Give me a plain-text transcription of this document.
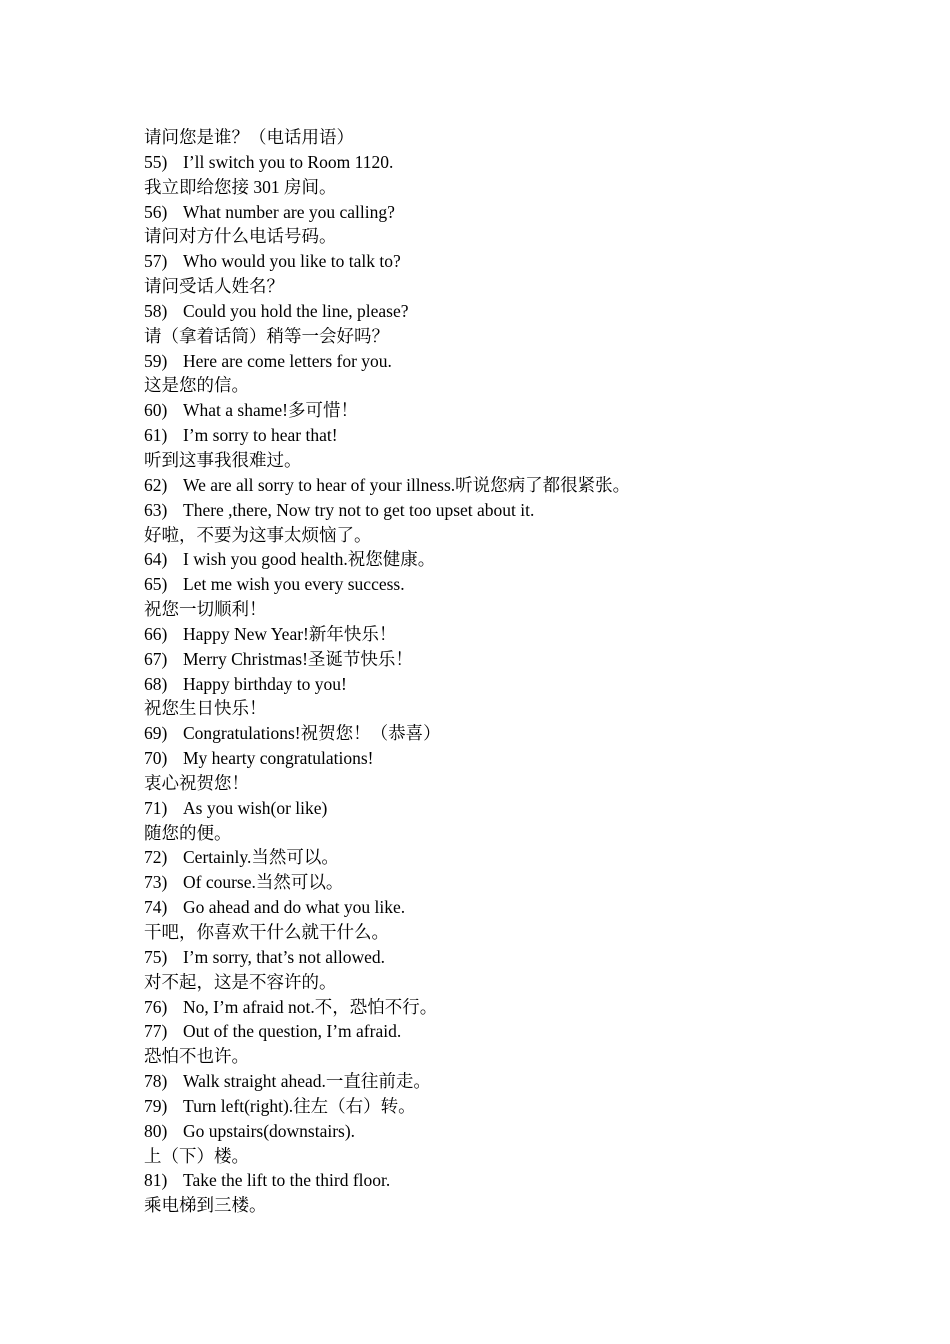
请问您是谁？（电话用语）
55) I’ll switch you to Room 1120.
我立即给您接 301 房间。
56) What number are you calling?
请问对方什么电话号码。
57) Who would you like to talk to?
请问受话人姓名？
58) Could you hold the line, please?
请（拿着话筒）稍等一会好吗？
59) Here are come letters for you.
这是您的信。
60) What a shame!多可惜！
61) I’m sorry to hear that!
听到这事我很难过。
62) We are all sorry to hear of your illness.听说您病了都很紧张。
63) There ,there, Now try not to get too upset about it.
好啦，不要为这事太烦恼了。
64) I wish you good health.祝您健康。
65) Let me wish you every success.
祝您一切顺利！
66) Happy New Year!新年快乐！
67) Merry Christmas!圣诞节快乐！
68) Happy birthday to you!
祝您生日快乐！
69) Congratulations!祝贺您！（恭喜）
70) My hearty congratulations!
衷心祝贺您！
71) As you wish(or like)
随您的便。
72) Certainly.当然可以。
73) Of course.当然可以。
74) Go ahead and do what you like.
干吧，你喜欢干什么就干什么。
75) I’m sorry, that’s not allowed.
对不起，这是不容许的。
76) No, I’m afraid not.不，恐怕不行。
77) Out of the question, I’m afraid.
恐怕不也许。
78) Walk straight ahead.一直往前走。
79) Turn left(right).往左（右）转。
80) Go upstairs(downstairs).
上（下）楼。
81) Take the lift to the third floor.
乘电梯到三楼。
